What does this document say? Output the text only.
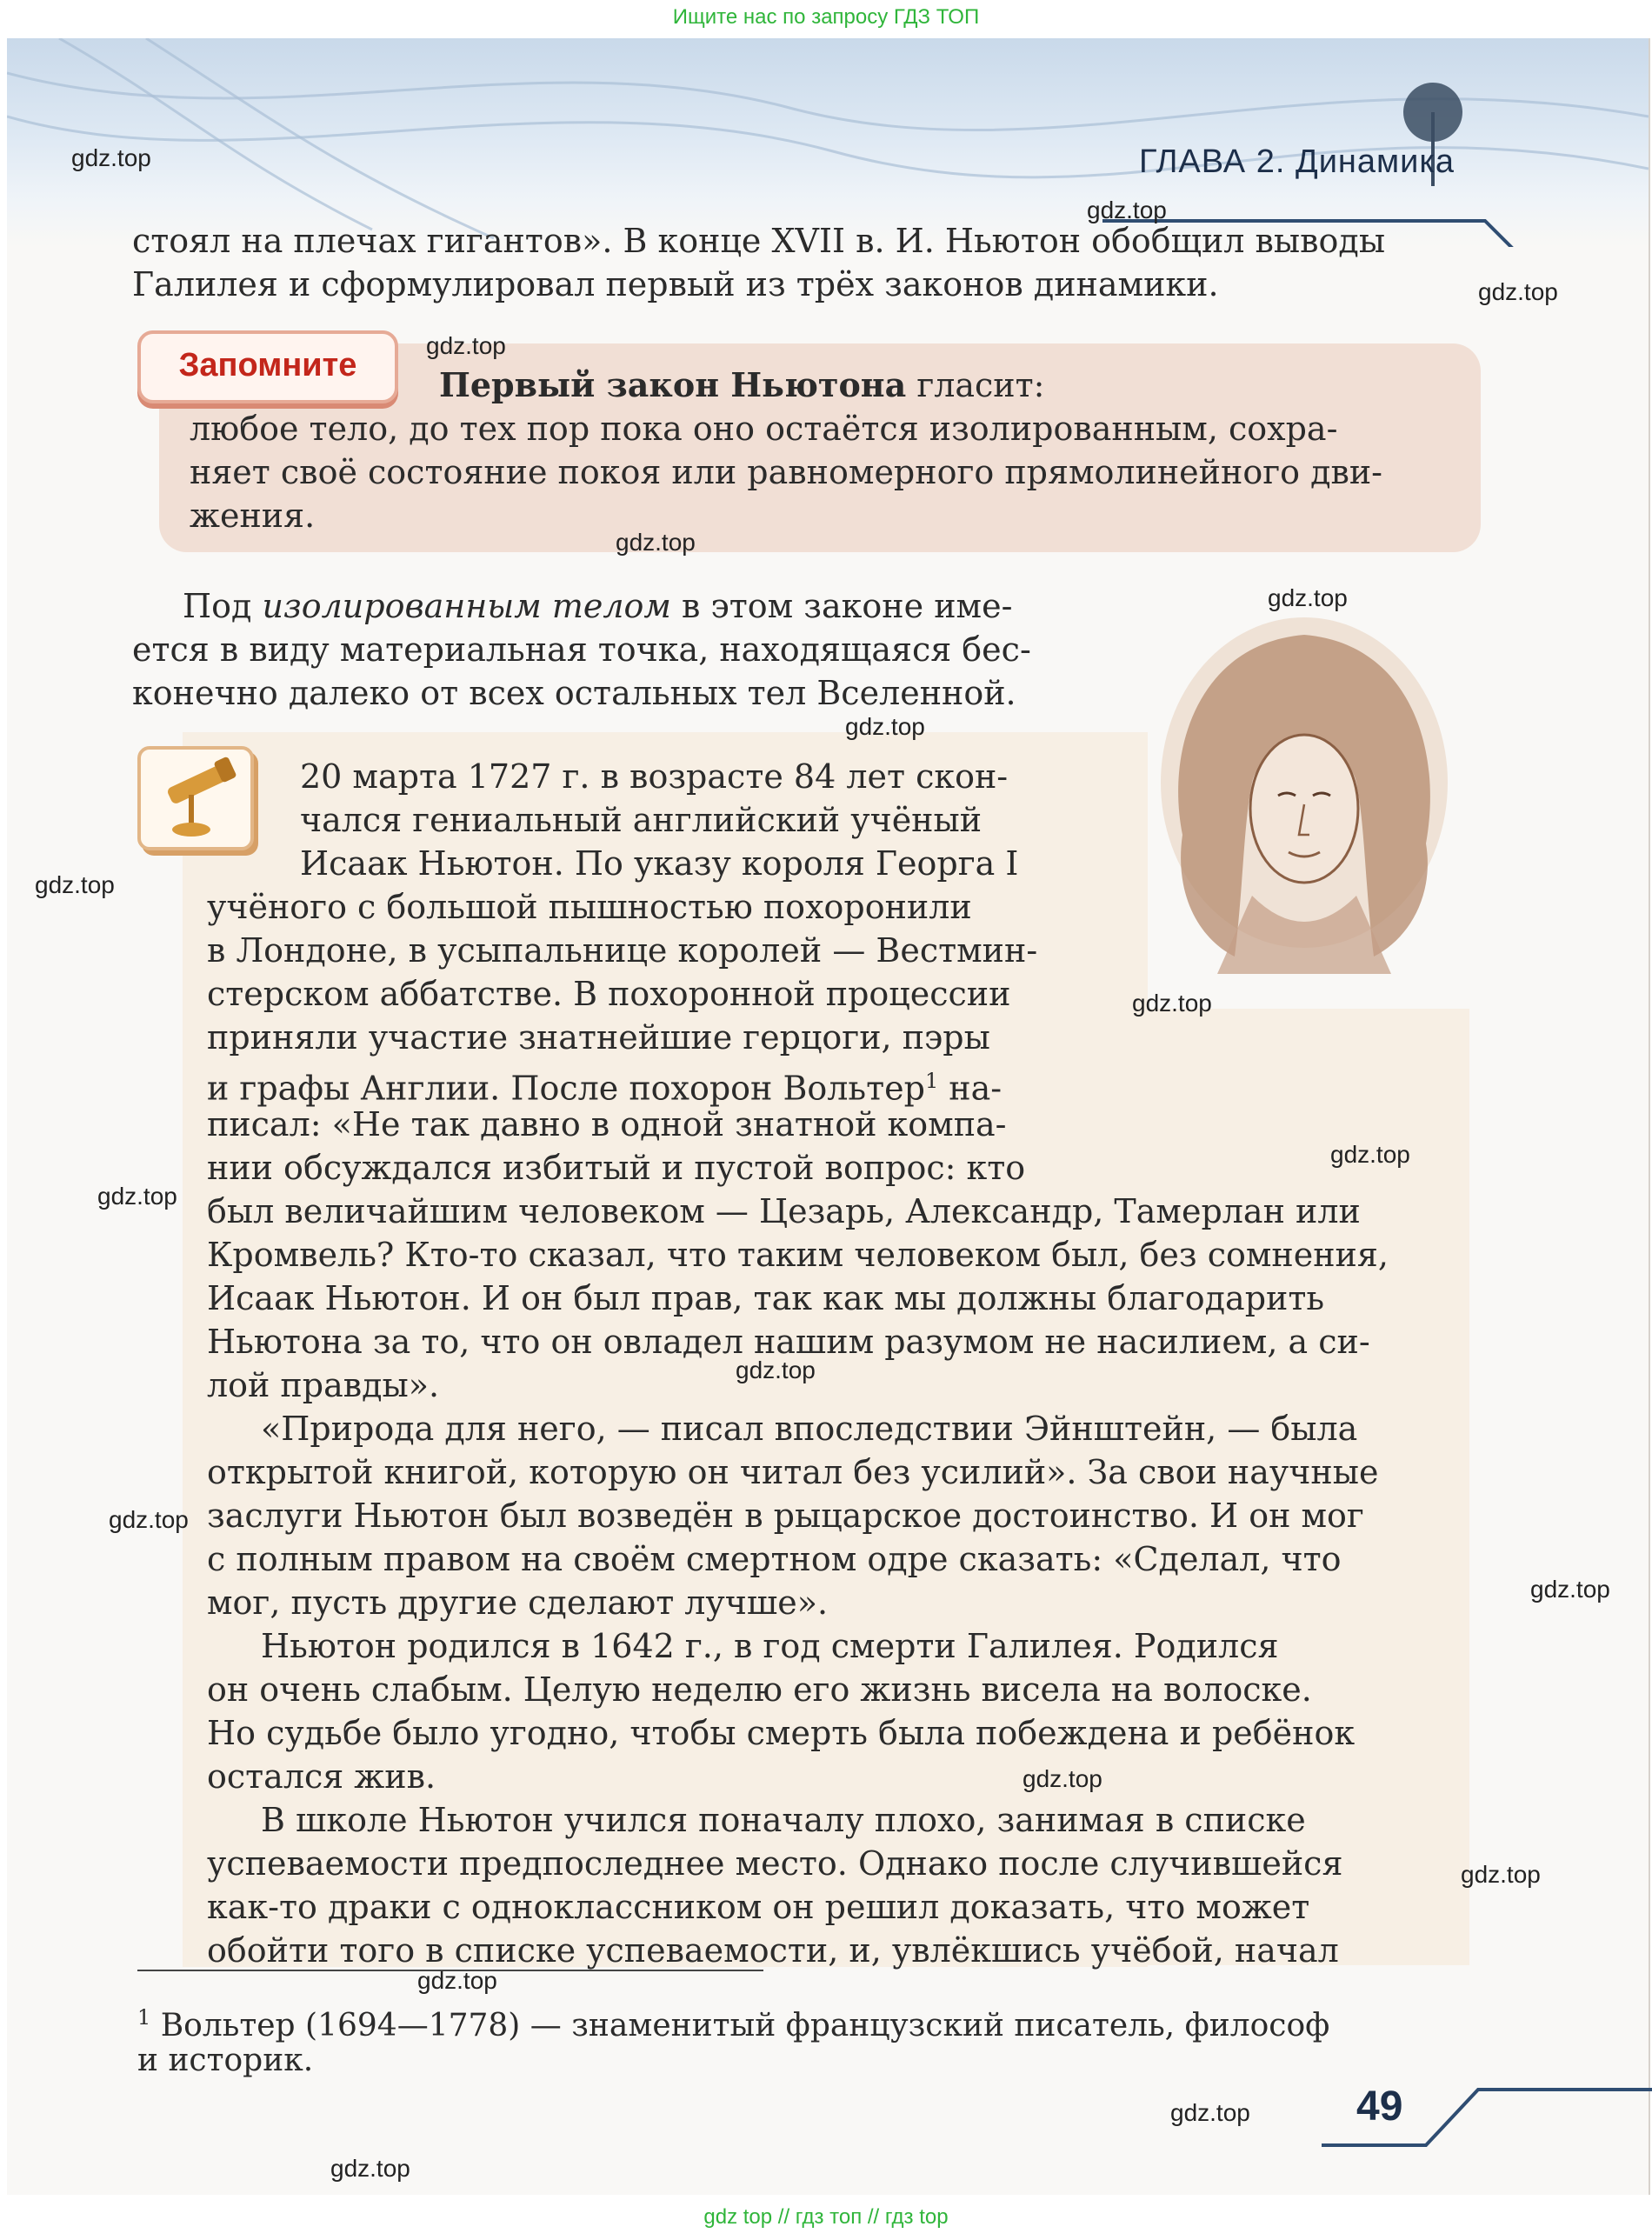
Ищите нас по запросу ГДЗ ТОП
ГЛАВА 2. Динамика
стоял на плечах гигантов». В конце XVII в. И. Ньютон обобщил выводы
Галилея и сформулировал первый из трёх законов динамики.
Запомните	Первый закон Ньютона гласит:
любое тело, до тех пор пока оно остаётся изолированным, сохра-
няет своё состояние покоя или равномерного прямолинейного дви-
жения.
Под изолированным телом в этом законе име-
ется в виду материальная точка, находящаяся бес-
конечно далеко от всех остальных тел Вселенной.
20 марта 1727 г. в возрасте 84 лет скон-
чался гениальный английский учёный
Исаак Ньютон. По указу короля Георга I
учёного с большой пышностью похоронили
в Лондоне, в усыпальнице королей — Вестмин-
стерском аббатстве. В похоронной процессии
приняли участие знатнейшие герцоги, пэры
и графы Англии. После похорон Вольтер$^1$ на-
писал: «Не так давно в одной знатной компа-
нии обсуждался избитый и пустой вопрос: кто
был величайшим человеком — Цезарь, Александр, Тамерлан или
Кромвель? Кто-то сказал, что таким человеком был, без сомнения,
Исаак Ньютон. И он был прав, так как мы должны благодарить
Ньютона за то, что он овладел нашим разумом не насилием, а си-
лой правды».
«Природа для него, — писал впоследствии Эйнштейн, — была
открытой книгой, которую он читал без усилий». За свои научные
заслуги Ньютон был возведён в рыцарское достоинство. И он мог
с полным правом на своём смертном одре сказать: «Сделал, что
мог, пусть другие сделают лучше».
Ньютон родился в 1642 г., в год смерти Галилея. Родился
он очень слабым. Целую неделю его жизнь висела на волоске.
Но судьбе было угодно, чтобы смерть была побеждена и ребёнок
остался жив.
В школе Ньютон учился поначалу плохо, занимая в списке
успеваемости предпоследнее место. Однако после случившейся
как-то драки с одноклассником он решил доказать, что может
обойти того в списке успеваемости, и, увлёкшись учёбой, начал
$^1$ Вольтер (1694—1778) — знаменитый французский писатель, философ
и историк.
49
gdz.top
gdz.top
gdz.top
gdz.top
gdz.top
gdz.top
gdz.top
gdz.top
gdz.top
gdz.top
gdz.top
gdz.top
gdz.top
gdz.top
gdz.top
gdz.top
gdz.top
gdz.top
gdz.top
gdz top // гдз топ // гдз top
